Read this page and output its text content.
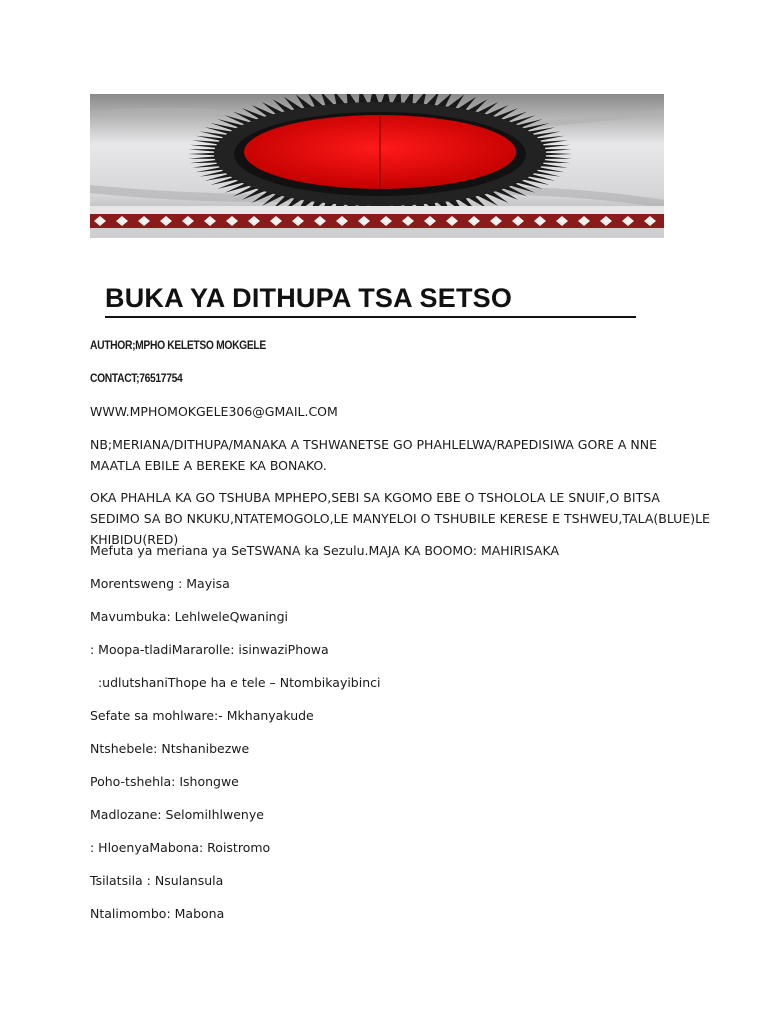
BUKA YA DITHUPA TSA SETSO
AUTHOR;MPHO KELETSO MOKGELE
CONTACT;76517754
WWW.MPHOMOKGELE306@GMAIL.COM
NB;MERIANA/DITHUPA/MANAKA A TSHWANETSE GO PHAHLELWA/RAPEDISIWA GORE A NNE MAATLA EBILE A BEREKE KA BONAKO.
OKA PHAHLA KA GO TSHUBA MPHEPO,SEBI SA KGOMO EBE O TSHOLOLA LE SNUIF,O BITSA SEDIMO SA BO NKUKU,NTATEMOGOLO,LE MANYELOI O TSHUBILE KERESE E TSHWEU,TALA(BLUE)LE KHIBIDU(RED)
Mefuta ya meriana ya SeTSWANA ka Sezulu.MAJA KA BOOMO: MAHIRISAKA
Morentsweng : Mayisa
Mavumbuka: LehlweleQwaningi
: Moopa-tladiMararolle: isinwaziPhowa
:udlutshaniThope ha e tele – Ntombikayibinci
Sefate sa mohlware:- Mkhanyakude
Ntshebele: Ntshanibezwe
Poho-tshehla: Ishongwe
Madlozane: SelomiIhlwenye
: HloenyaMabona: Roistromo
Tsilatsila : Nsulansula
Ntalimombo: Mabona
